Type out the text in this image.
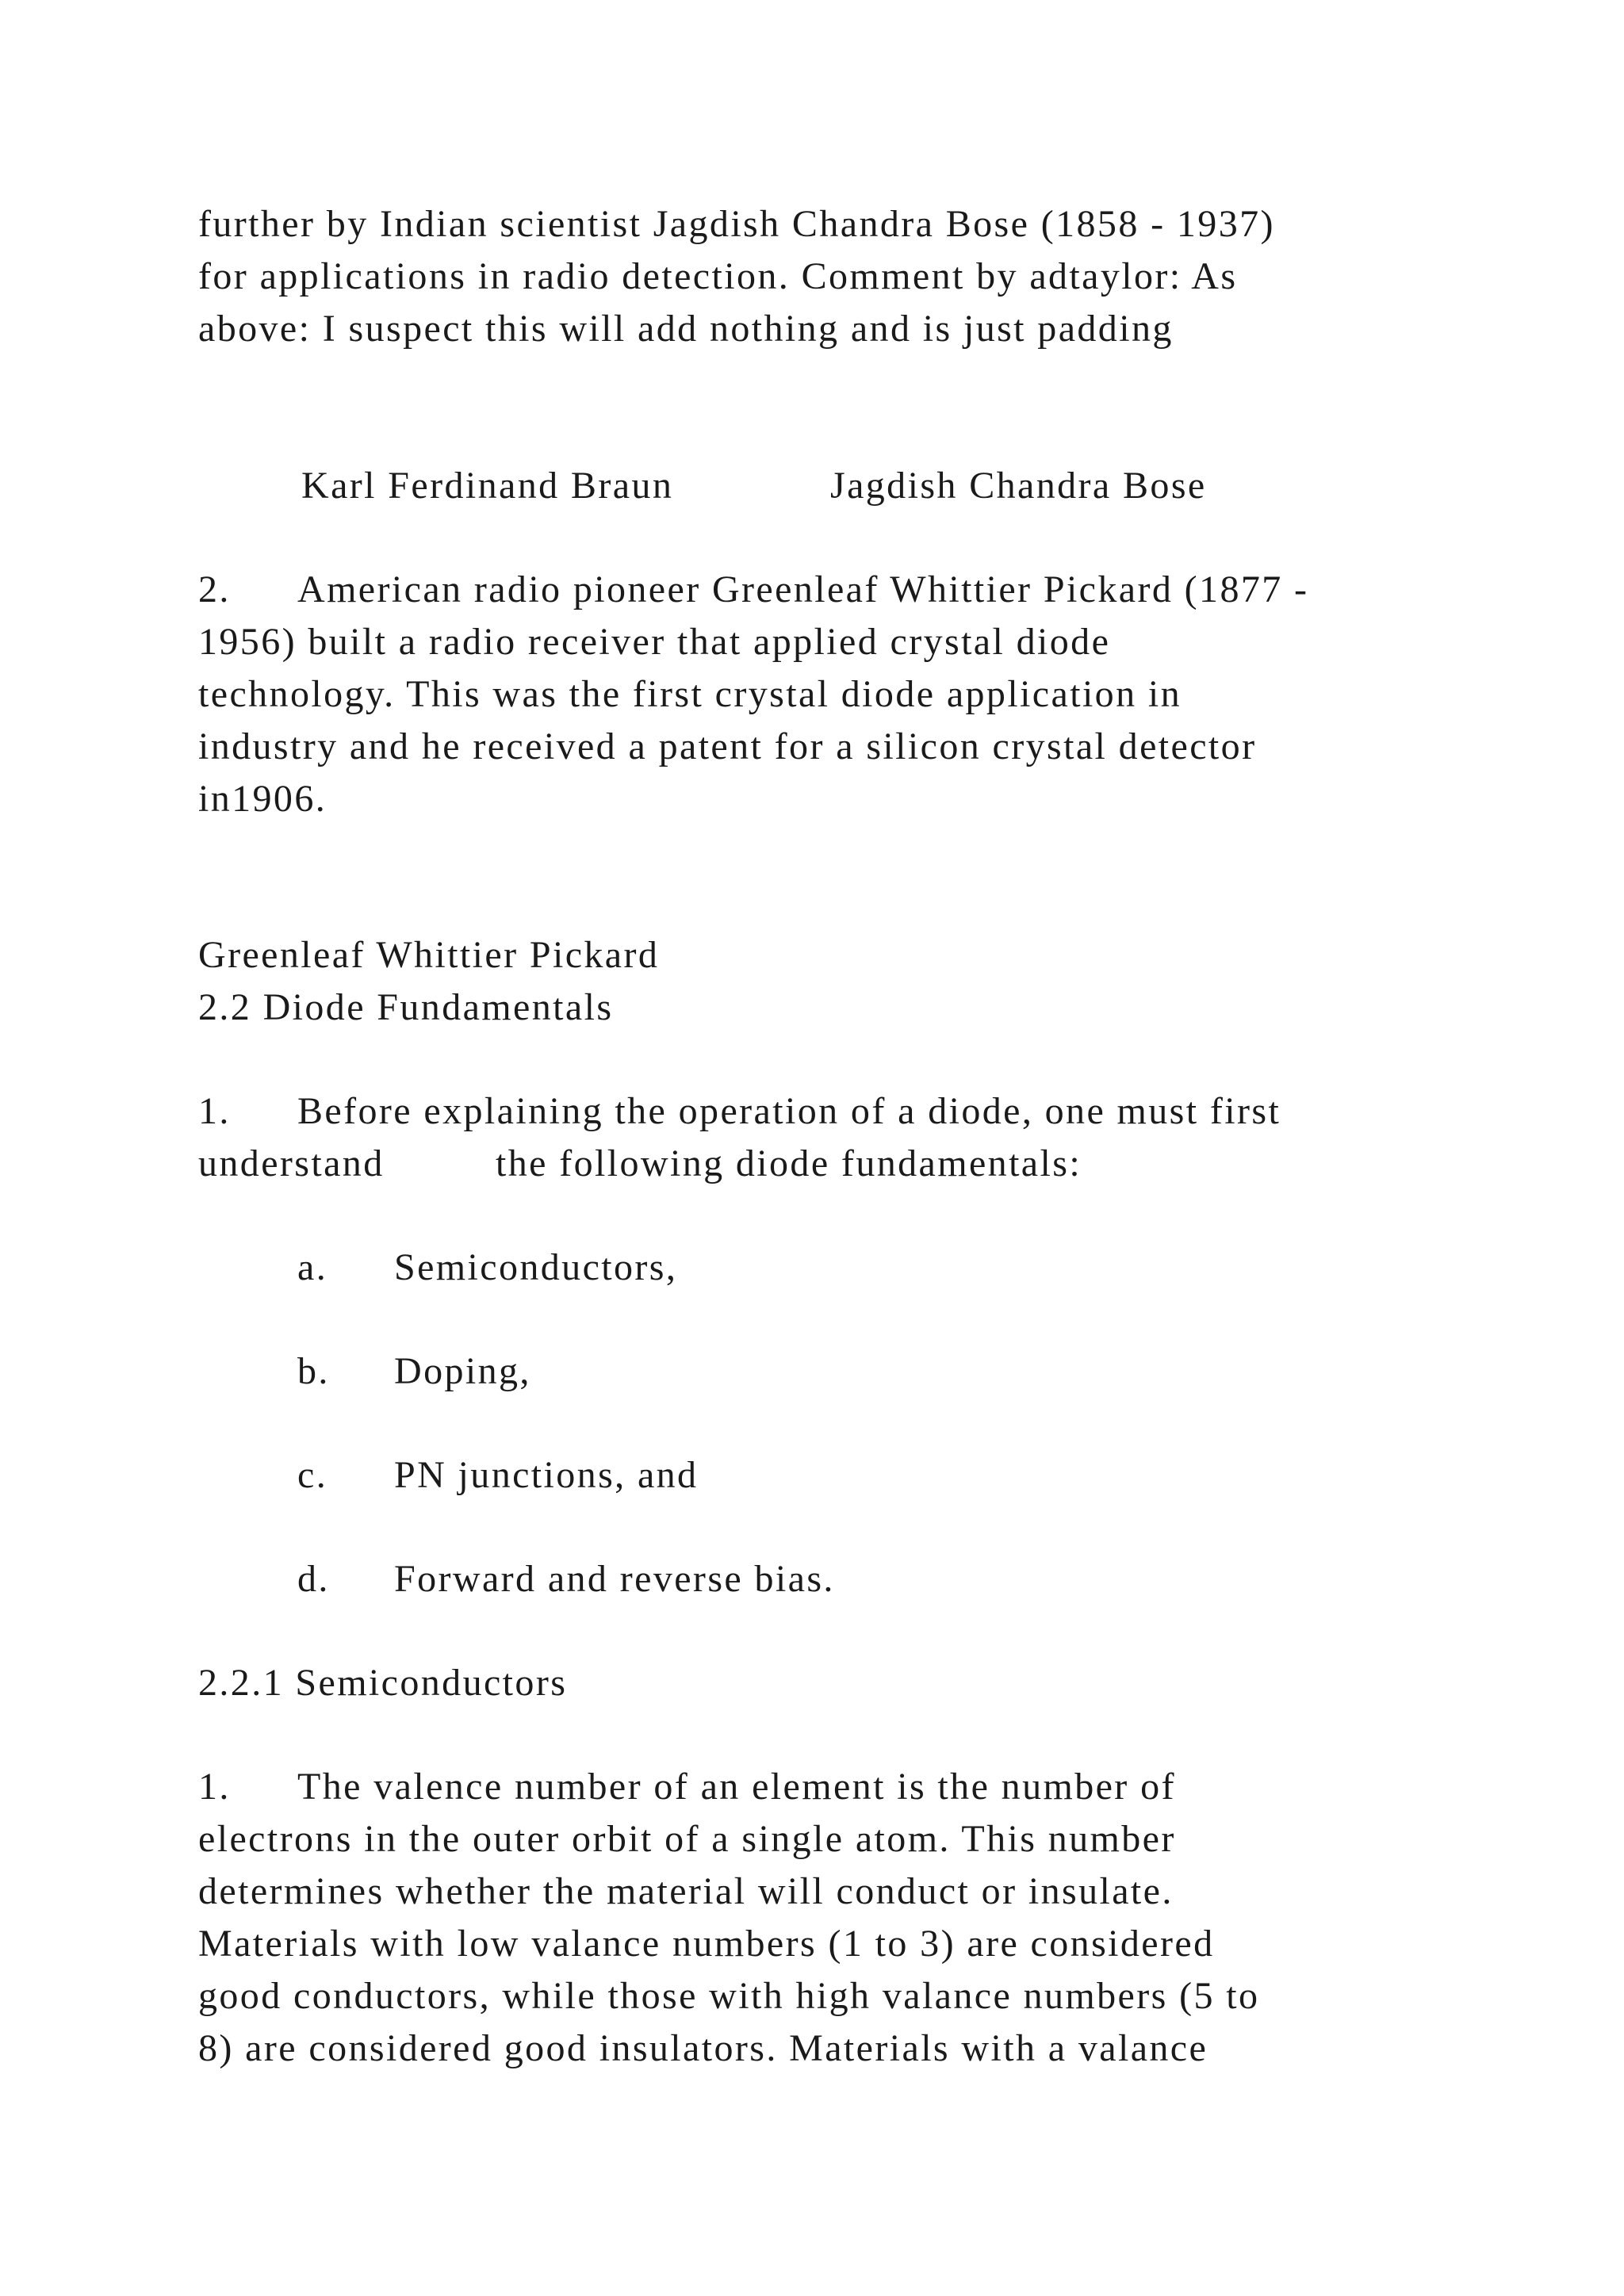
further by Indian scientist Jagdish Chandra Bose (1858 - 1937)
for applications in radio detection. Comment by adtaylor: As
above: I suspect this will add nothing and is just padding
Karl Ferdinand Braun	Jagdish Chandra Bose
2. American radio pioneer Greenleaf Whittier Pickard (1877 -
1956) built a radio receiver that applied crystal diode
technology. This was the first crystal diode application in
industry and he received a patent for a silicon crystal detector
in1906.
Greenleaf Whittier Pickard
2.2 Diode Fundamentals
1. Before explaining the operation of a diode, one must first
understand	the following diode fundamentals:
a. Semiconductors,
b. Doping,
c. PN junctions, and
d. Forward and reverse bias.
2.2.1 Semiconductors
1. The valence number of an element is the number of
electrons in the outer orbit of a single atom. This number
determines whether the material will conduct or insulate.
Materials with low valance numbers (1 to 3) are considered
good conductors, while those with high valance numbers (5 to
8) are considered good insulators. Materials with a valance
